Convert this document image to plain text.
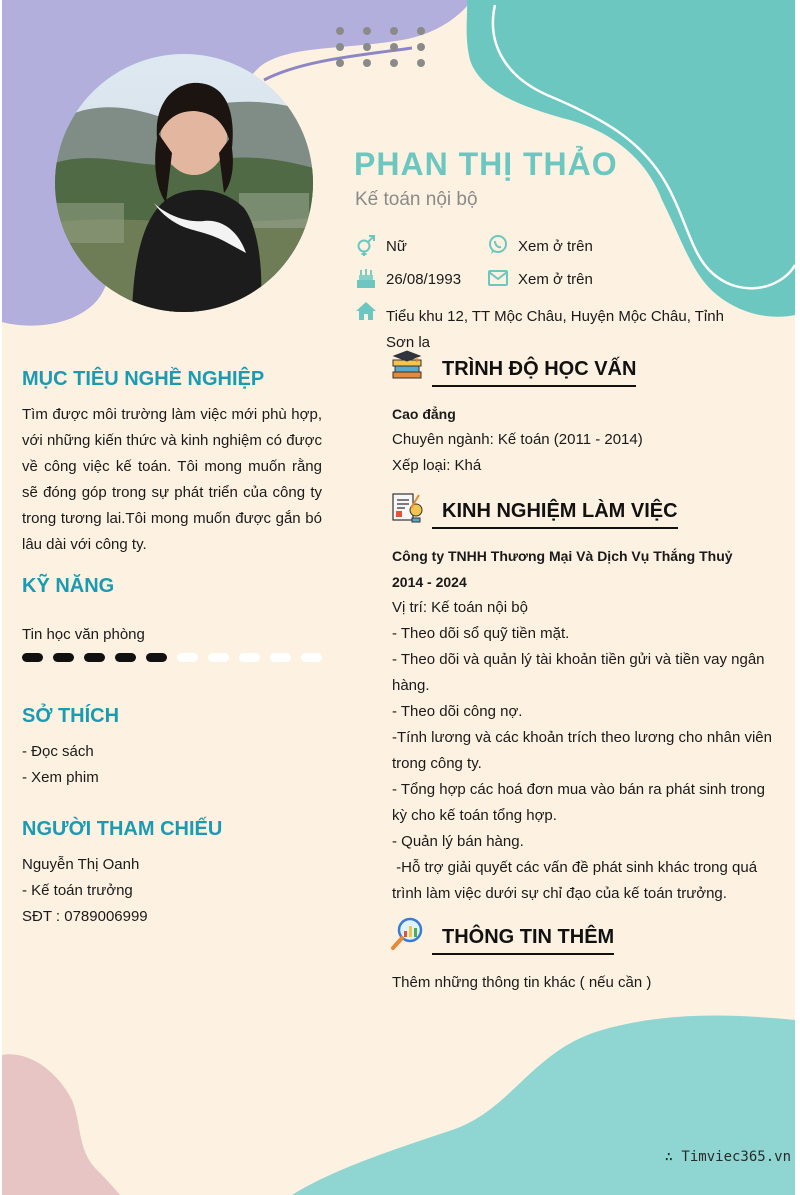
PHAN THỊ THẢO
Kế toán nội bộ
Nữ	Xem ở trên
26/08/1993	Xem ở trên
Tiểu khu 12, TT Mộc Châu, Huyện Mộc Châu, Tỉnh
Sơn la
MỤC TIÊU NGHỀ NGHIỆP

Tìm được môi trường làm việc mới phù hợp,

với những kiến thức và kinh nghiệm có được

về công việc kế toán. Tôi mong muốn rằng

sẽ đóng góp trong sự phát triển của công ty

trong tương lai.Tôi mong muốn được gắn bó

lâu dài với công ty.

KỸ NĂNG
Tin học văn phòng
SỞ THÍCH

- Đọc sách

- Xem phim

NGƯỜI THAM CHIẾU

Nguyễn Thị Oanh

- Kế toán trưởng

SĐT : 0789006999

TRÌNH ĐỘ HỌC VẤN

Cao đẳng

Chuyên ngành: Kế toán (2011 - 2014)

Xếp loại: Khá

KINH NGHIỆM LÀM VIỆC

Công ty TNHH Thương Mại Và Dịch Vụ Thắng Thuỷ

2014 - 2024

Vị trí: Kế toán nội bộ

- Theo dõi sổ quỹ tiền mặt.

- Theo dõi và quản lý tài khoản tiền gửi và tiền vay ngân

hàng.

- Theo dõi công nợ.

-Tính lương và các khoản trích theo lương cho nhân viên

trong công ty.

- Tổng hợp các hoá đơn mua vào bán ra phát sinh trong

kỳ cho kế toán tổng hợp.

- Quản lý bán hàng.

-Hỗ trợ giải quyết các vấn đề phát sinh khác trong quá

trình làm việc dưới sự chỉ đạo của kế toán trưởng.

THÔNG TIN THÊM
Thêm những thông tin khác ( nếu cần )
∴ Timviec365.vn
